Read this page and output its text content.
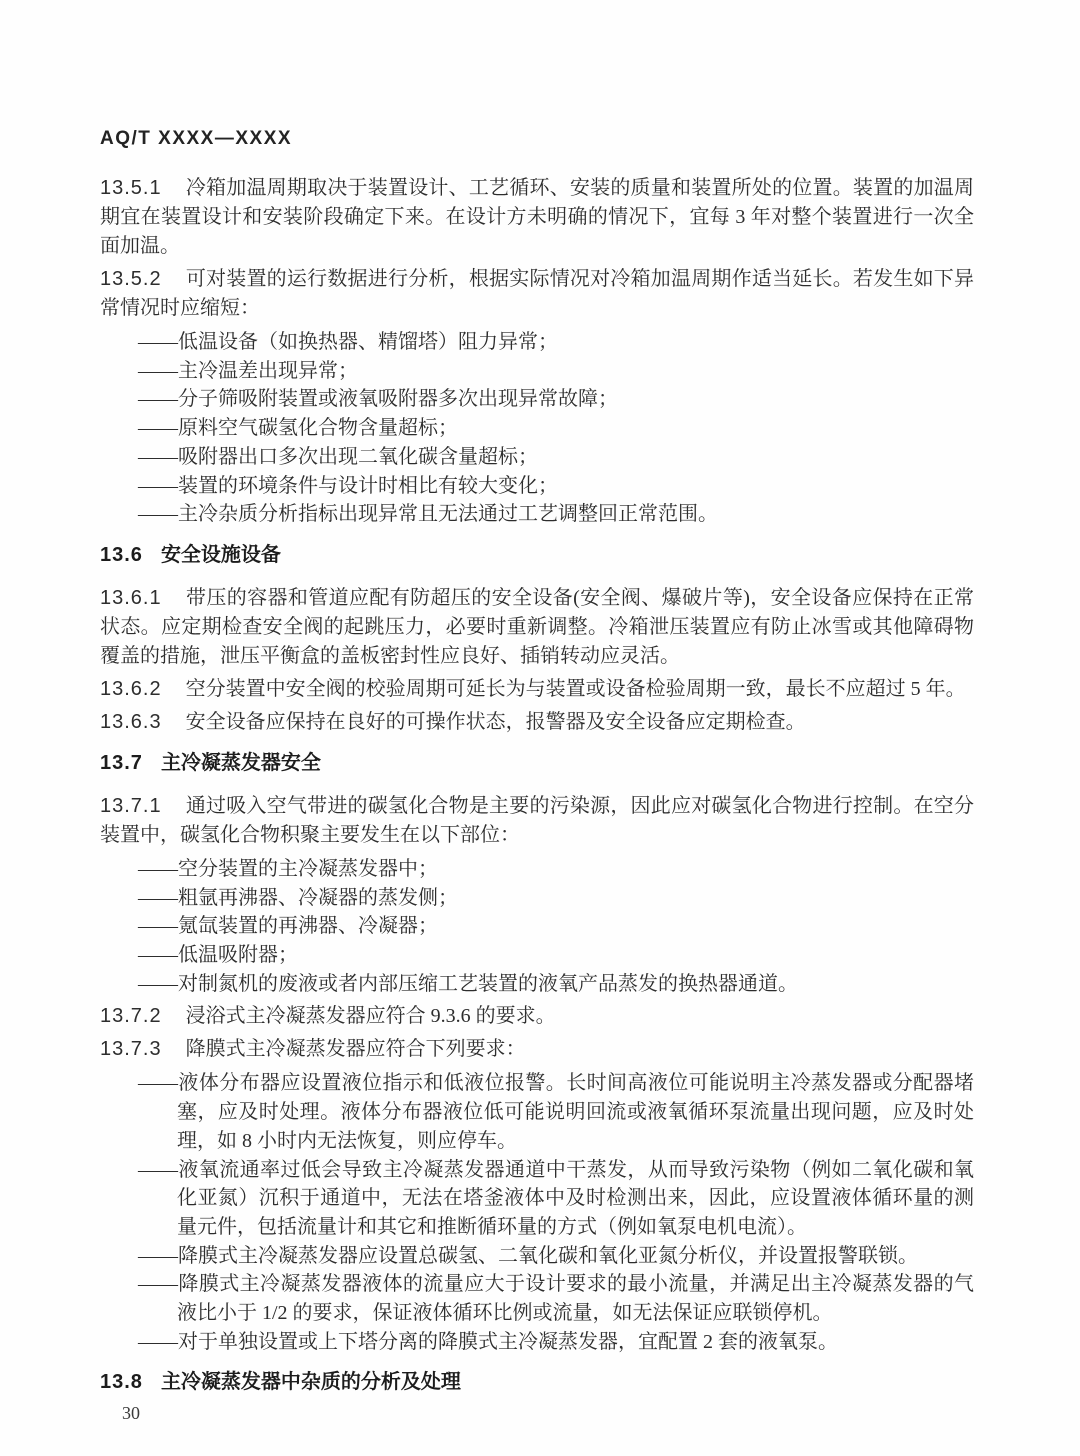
AQ/T XXXX—XXXX
13.5.1 冷箱加温周期取决于装置设计、工艺循环、安装的质量和装置所处的位置。装置的加温周期宜在装置设计和安装阶段确定下来。在设计方未明确的情况下，宜每 3 年对整个装置进行一次全面加温。
13.5.2 可对装置的运行数据进行分析，根据实际情况对冷箱加温周期作适当延长。若发生如下异常情况时应缩短：
——低温设备（如换热器、精馏塔）阻力异常；
——主冷温差出现异常；
——分子筛吸附装置或液氧吸附器多次出现异常故障；
——原料空气碳氢化合物含量超标；
——吸附器出口多次出现二氧化碳含量超标；
——装置的环境条件与设计时相比有较大变化；
——主冷杂质分析指标出现异常且无法通过工艺调整回正常范围。
13.6 安全设施设备
13.6.1 带压的容器和管道应配有防超压的安全设备(安全阀、爆破片等)，安全设备应保持在正常状态。应定期检查安全阀的起跳压力，必要时重新调整。冷箱泄压装置应有防止冰雪或其他障碍物覆盖的措施，泄压平衡盒的盖板密封性应良好、插销转动应灵活。
13.6.2 空分装置中安全阀的校验周期可延长为与装置或设备检验周期一致，最长不应超过 5 年。
13.6.3 安全设备应保持在良好的可操作状态，报警器及安全设备应定期检查。
13.7 主冷凝蒸发器安全
13.7.1 通过吸入空气带进的碳氢化合物是主要的污染源，因此应对碳氢化合物进行控制。在空分装置中，碳氢化合物积聚主要发生在以下部位：
——空分装置的主冷凝蒸发器中；
——粗氩再沸器、冷凝器的蒸发侧；
——氪氙装置的再沸器、冷凝器；
——低温吸附器；
——对制氮机的废液或者内部压缩工艺装置的液氧产品蒸发的换热器通道。
13.7.2 浸浴式主冷凝蒸发器应符合 9.3.6 的要求。
13.7.3 降膜式主冷凝蒸发器应符合下列要求：
——液体分布器应设置液位指示和低液位报警。长时间高液位可能说明主冷蒸发器或分配器堵塞，应及时处理。液体分布器液位低可能说明回流或液氧循环泵流量出现问题，应及时处理，如 8 小时内无法恢复，则应停车。
——液氧流通率过低会导致主冷凝蒸发器通道中干蒸发，从而导致污染物（例如二氧化碳和氧化亚氮）沉积于通道中，无法在塔釜液体中及时检测出来，因此，应设置液体循环量的测量元件，包括流量计和其它和推断循环量的方式（例如氧泵电机电流）。
——降膜式主冷凝蒸发器应设置总碳氢、二氧化碳和氧化亚氮分析仪，并设置报警联锁。
——降膜式主冷凝蒸发器液体的流量应大于设计要求的最小流量，并满足出主冷凝蒸发器的气液比小于 1/2 的要求，保证液体循环比例或流量，如无法保证应联锁停机。
——对于单独设置或上下塔分离的降膜式主冷凝蒸发器，宜配置 2 套的液氧泵。
13.8 主冷凝蒸发器中杂质的分析及处理
30
